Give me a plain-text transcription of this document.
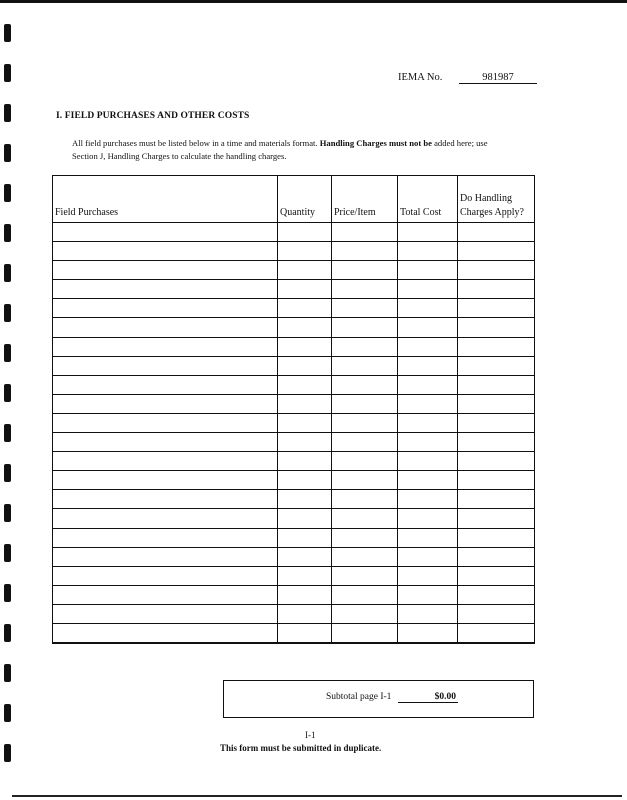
IEMA No.	981987
I. FIELD PURCHASES AND OTHER COSTS
All field purchases must be listed below in a time and materials format. Handling Charges must not be added here; use Section J, Handling Charges to calculate the handling charges.
Field Purchases	Quantity	Price/Item	Total Cost	Do Handling Charges Apply?

Subtotal page I-1	$0.00
I-1
This form must be submitted in duplicate.
